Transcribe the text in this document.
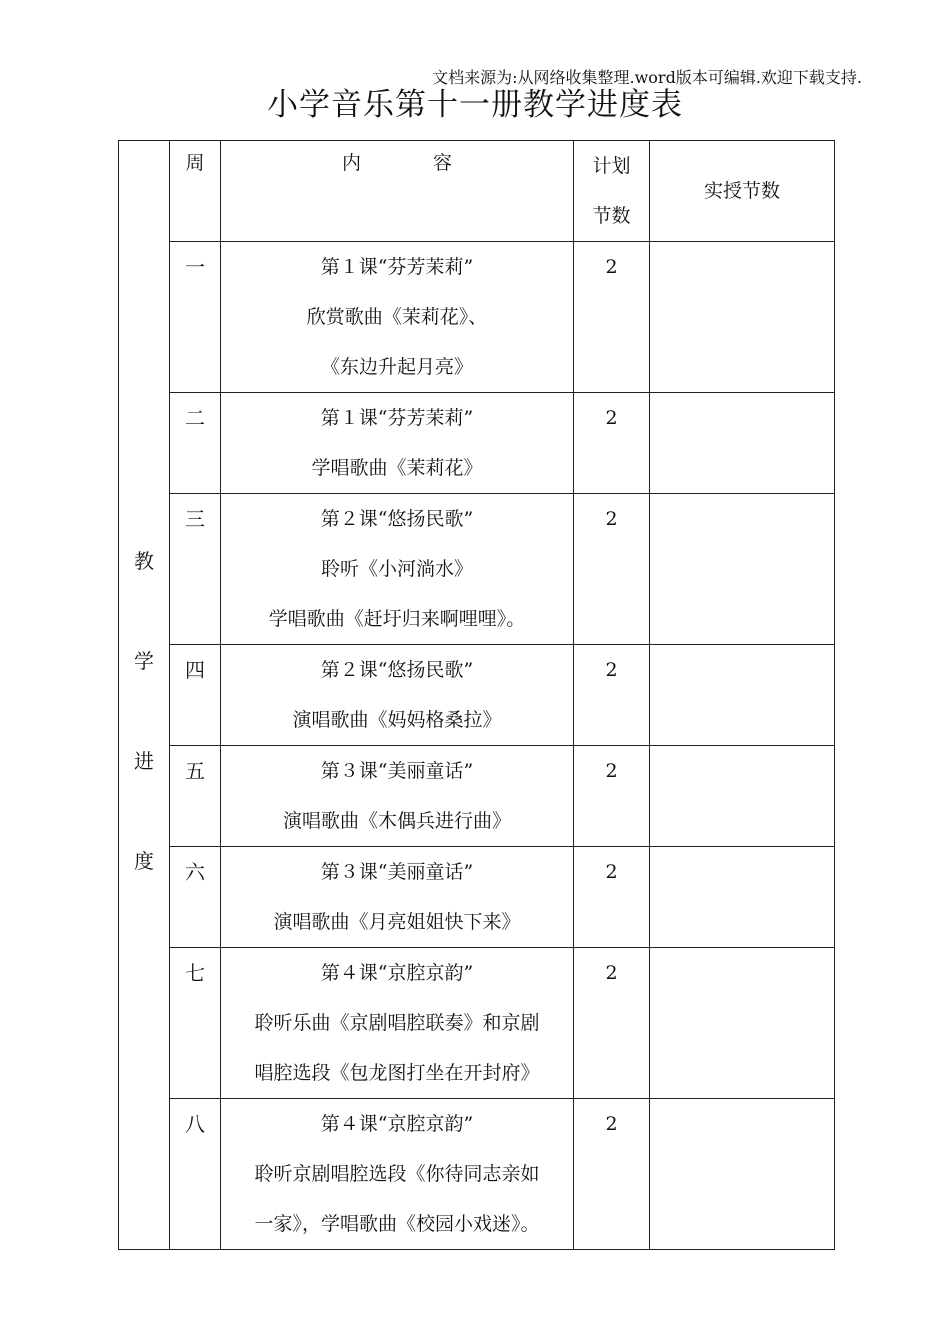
文档来源为:从网络收集整理.word版本可编辑.欢迎下载支持.
小学音乐第十一册教学进度表
教
学
进
度	周	内 容	计划
节数	实授节数
	一	第１课“芬芳茉莉”
欣赏歌曲《茉莉花》、
《东边升起月亮》	2	
	二	第１课“芬芳茉莉”
学唱歌曲《茉莉花》	2	
	三	第２课“悠扬民歌”
聆听《小河淌水》
学唱歌曲《赶圩归来啊哩哩》。	2	
	四	第２课“悠扬民歌”
演唱歌曲《妈妈格桑拉》	2	
	五	第３课“美丽童话”
演唱歌曲《木偶兵进行曲》	2	
	六	第３课“美丽童话”
演唱歌曲《月亮姐姐快下来》	2	
	七	第４课“京腔京韵”
聆听乐曲《京剧唱腔联奏》和京剧
唱腔选段《包龙图打坐在开封府》	2	
	八	第４课“京腔京韵”
聆听京剧唱腔选段《你待同志亲如
一家》，学唱歌曲《校园小戏迷》。	2	
